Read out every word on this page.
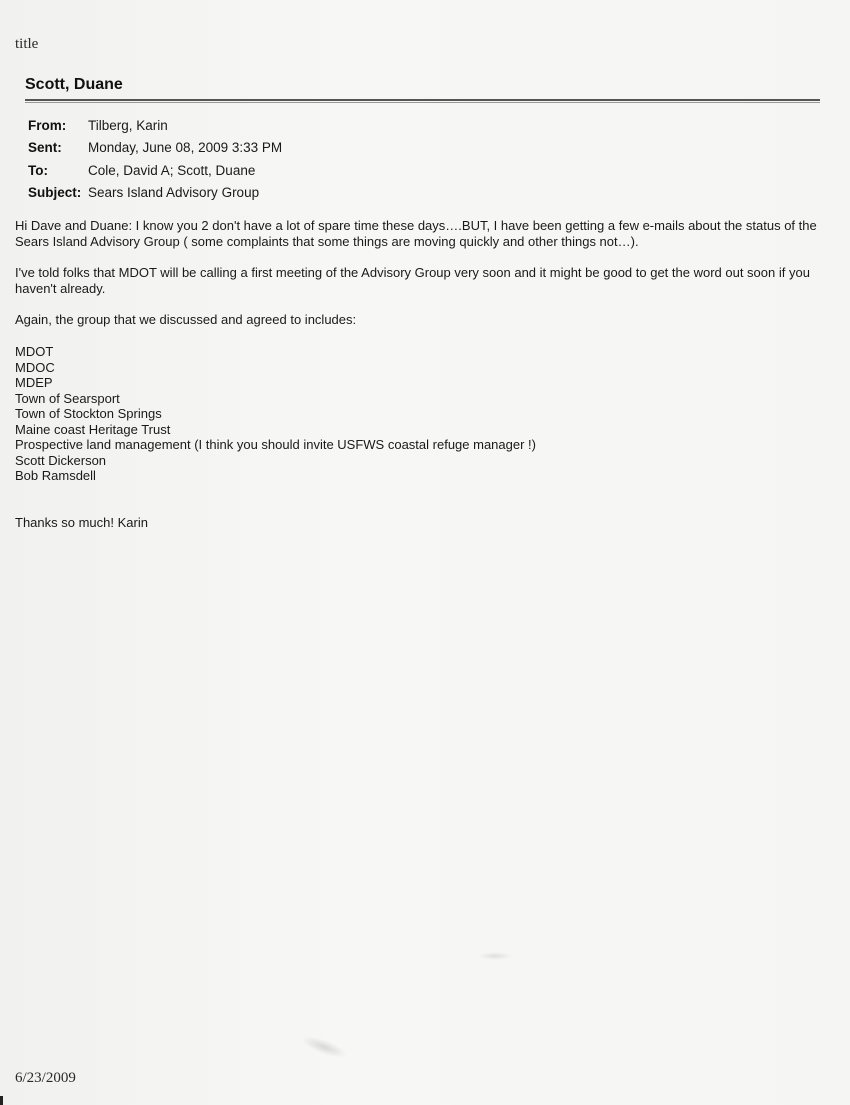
title
Scott, Duane
From:	Tilberg, Karin
Sent:	Monday, June 08, 2009 3:33 PM
To:	Cole, David A; Scott, Duane
Subject:	Sears Island Advisory Group
Hi Dave and Duane: I know you 2 don't have a lot of spare time these days….BUT, I have been getting a few e-mails about the status of the Sears Island Advisory Group ( some complaints that some things are moving quickly and other things not…).
I've told folks that MDOT will be calling a first meeting of the Advisory Group very soon and it might be good to get the word out soon if you haven't already.
Again, the group that we discussed and agreed to includes:
MDOT
MDOC
MDEP
Town of Searsport
Town of Stockton Springs
Maine coast Heritage Trust
Prospective land management (I think you should invite USFWS coastal refuge manager !)
Scott Dickerson
Bob Ramsdell
Thanks so much! Karin
6/23/2009
